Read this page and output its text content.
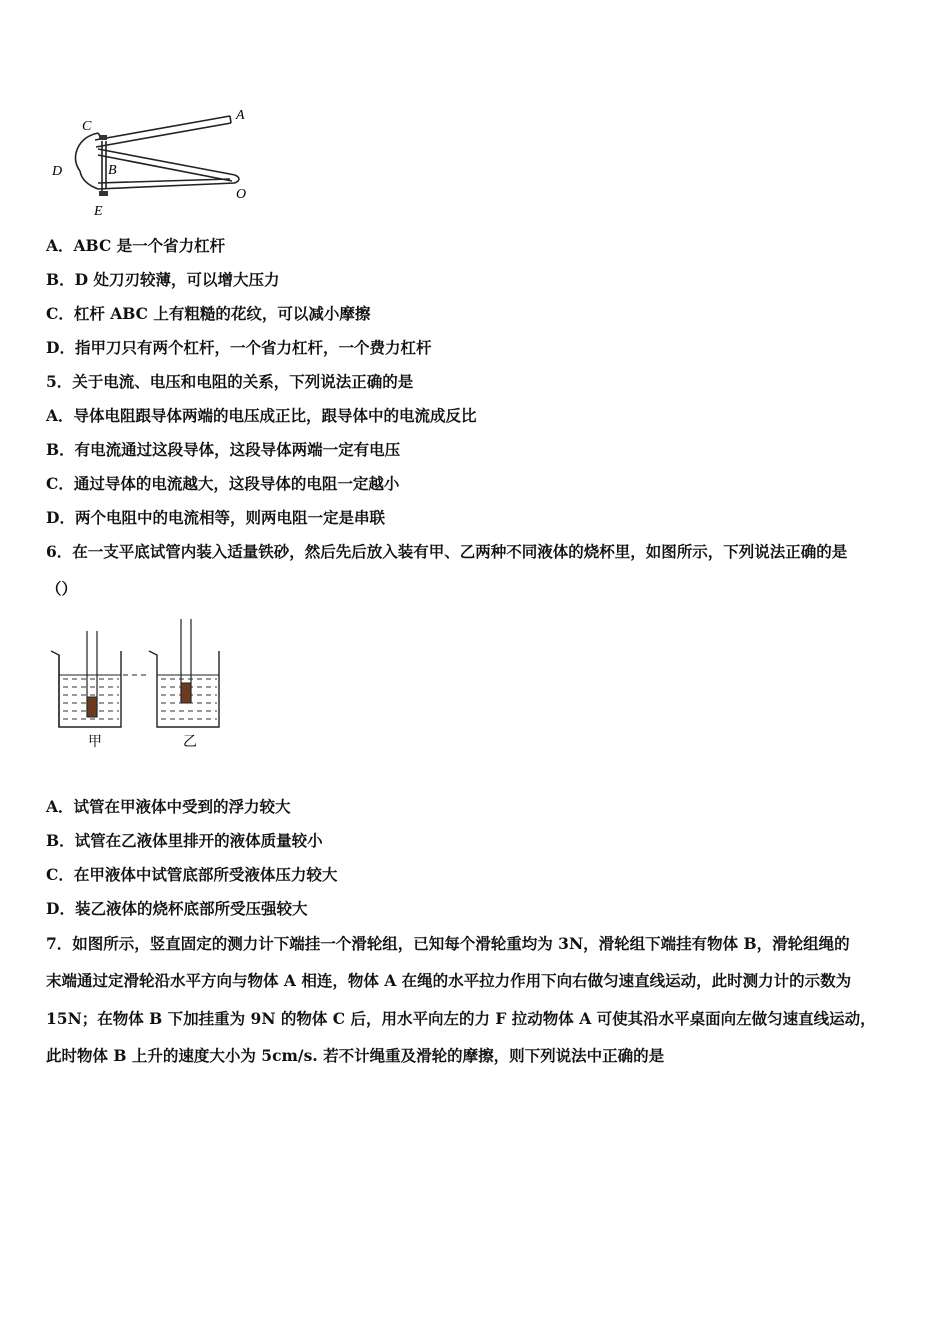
A
B
C
D
E
O
A．ABC 是一个省力杠杆
B．D 处刀刃较薄，可以增大压力
C．杠杆 ABC 上有粗糙的花纹，可以减小摩擦
D．指甲刀只有两个杠杆，一个省力杠杆，一个费力杠杆
5．关于电流、电压和电阻的关系，下列说法正确的是
A．导体电阻跟导体两端的电压成正比，跟导体中的电流成反比
B．有电流通过这段导体，这段导体两端一定有电压
C．通过导体的电流越大，这段导体的电阻一定越小
D．两个电阻中的电流相等，则两电阻一定是串联
6．在一支平底试管内装入适量铁砂，然后先后放入装有甲、乙两种不同液体的烧杯里，如图所示，下列说法正确的是
（）
甲	乙
A．试管在甲液体中受到的浮力较大
B．试管在乙液体里排开的液体质量较小
C．在甲液体中试管底部所受液体压力较大
D．装乙液体的烧杯底部所受压强较大
7．如图所示，竖直固定的测力计下端挂一个滑轮组，已知每个滑轮重均为 3N，滑轮组下端挂有物体 B，滑轮组绳的
末端通过定滑轮沿水平方向与物体 A 相连，物体 A 在绳的水平拉力作用下向右做匀速直线运动，此时测力计的示数为
15N；在物体 B 下加挂重为 9N 的物体 C 后，用水平向左的力 F 拉动物体 A 可使其沿水平桌面向左做匀速直线运动，
此时物体 B 上升的速度大小为 5cm/s. 若不计绳重及滑轮的摩擦，则下列说法中正确的是
